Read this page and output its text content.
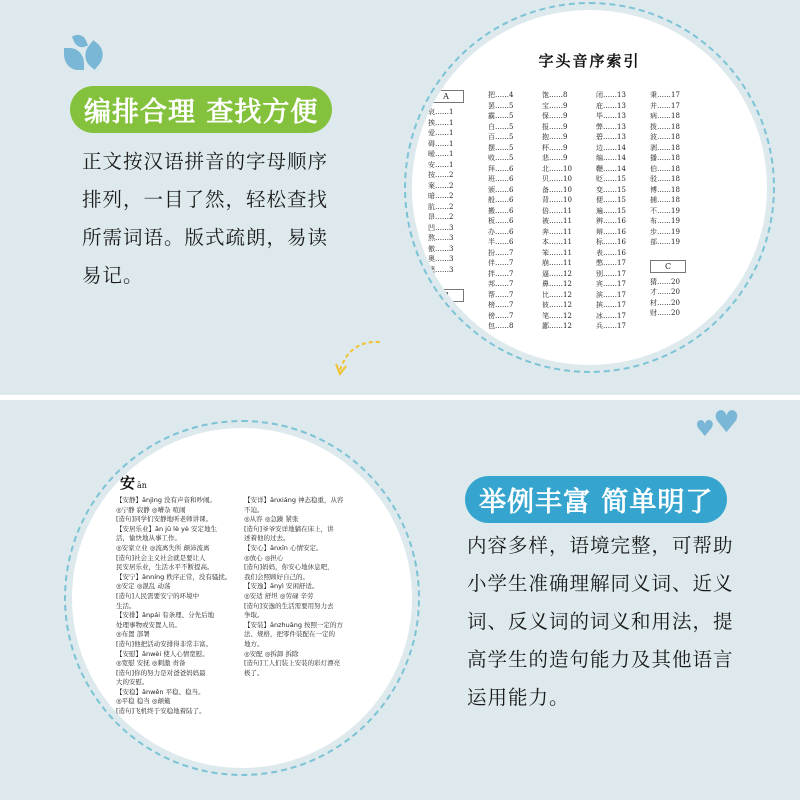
♥
♥
编排合理 查找方便
正文按汉语拼音的字母顺序排列，一目了然，轻松查找所需词语。版式疏朗，易读易记。
字头音序索引
A
哀……1
挨……1
爱……1
碍……1
暧……1
安……1
按……2
案……2
暗……2
肮……2
昂……2
凹……3
熬……3
傲……3
奥……3
懊……3
B
把……4
罢……5
霸……5
白……5
百……5
摆……5
败……5
拜……6
班……6
颁……6
般……6
搬……6
板……6
办……6
半……6
扮……7
伴……7
拌……7
邦……7
帮……7
榜……7
傍……7
包……8
饱……8
宝……9
保……9
报……9
抱……9
杯……9
悲……9
北……10
贝……10
备……10
背……10
倍……11
被……11
奔……11
本……11
笨……11
崩……11
逼……12
鼻……12
比……12
彼……12
笔……12
鄙……12
闭……13
庇……13
毕……13
弊……13
碧……13
边……14
编……14
鞭……14
贬……15
变……15
便……15
遍……15
辨……16
辩……16
标……16
表……16
憋……17
别……17
宾……17
滨……17
摈……17
冰……17
兵……17
秉……17
并……17
病……18
拨……18
波……18
剥……18
播……18
伯……18
驳……18
博……18
捕……18
不……19
布……19
步……19
部……19
C
猜……20
才……20
材……20
财……20
安ān
【安静】ānjìng 没有声音和吵闹。
◎宁静 寂静 ◎嘈杂 喧闹
[造句]同学们安静地听老师讲课。
【安居乐业】ān jū lè yè 安定地生
活，愉快地从事工作。
◎安家立业 ◎流离失所 颠沛流离
[造句]社会主义社会就是要让人
民安居乐业，生活水平不断提高。
【安宁】ānníng 秩序正常，没有骚扰。
◎安定 ◎混乱 动荡
[造句]人民需要安宁的环境中
生活。
【安排】ānpái 有条理、分先后地
处理事物或安置人员。
◎布置 部署
[造句]他把活动安排得非常丰富。
【安慰】ānwèi 使人心情宽慰。
◎宽慰 安抚 ◎刺激 责备
[造句]你的努力是对爸爸妈妈最
大的安慰。
【安稳】ānwěn 平稳、稳当。
◎平稳 稳当 ◎颠簸
[造句]飞机终于安稳地着陆了。
【安详】ānxiáng 神态稳重，从容
不迫。
◎从容 ◎急躁 紧张
[造句]爷爷安详地躺在床上，讲
述着他的过去。
【安心】ānxīn 心情安定。
◎放心 ◎担心
[造句]妈妈，你安心地休息吧，
我们会照顾好自己的。
【安逸】ānyì 安闲舒适。
◎安适 舒坦 ◎劳碌 辛劳
[造句]安逸的生活需要用努力去
争取。
【安装】ānzhuāng 按照一定的方
法、规格，把零件装配在一定的
地方。
◎安配 ◎拆卸 拆除
[造句]工人们装上安装的彩灯漂亮
极了。
举例丰富 简单明了
内容多样，语境完整，可帮助小学生准确理解同义词、近义词、反义词的词义和用法，提高学生的造句能力及其他语言运用能力。
